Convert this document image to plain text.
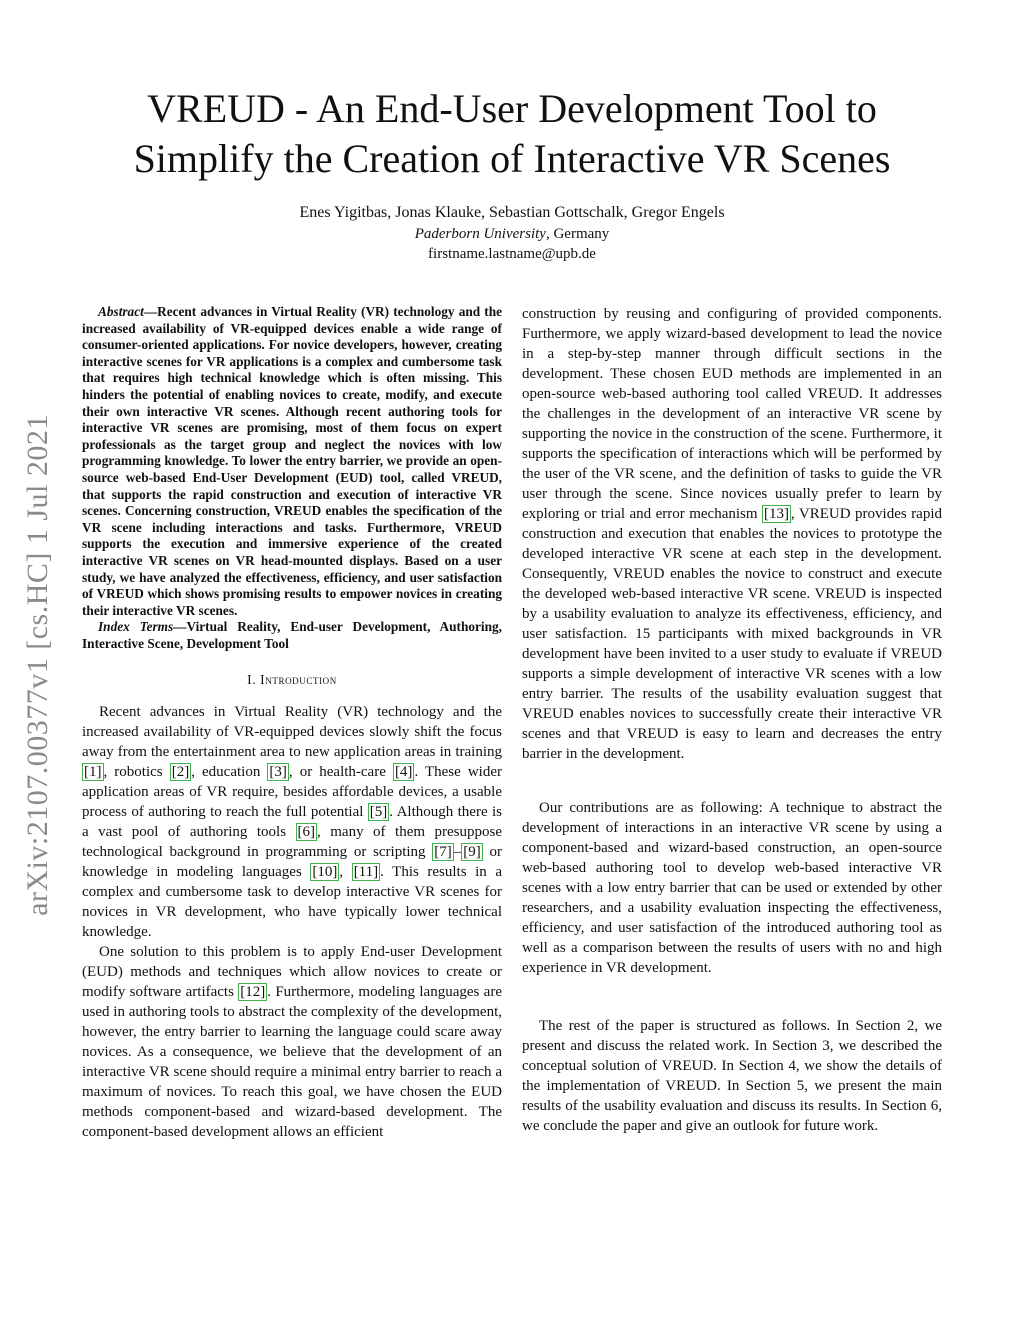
arXiv:2107.00377v1 [cs.HC] 1 Jul 2021
VREUD - An End-User Development Tool to
Simplify the Creation of Interactive VR Scenes
Enes Yigitbas, Jonas Klauke, Sebastian Gottschalk, Gregor Engels
Paderborn University, Germany
firstname.lastname@upb.de

Abstract—Recent advances in Virtual Reality (VR) technology and the increased availability of VR-equipped devices enable a wide range of consumer-oriented applications. For novice developers, however, creating interactive scenes for VR applications is a complex and cumbersome task that requires high technical knowledge which is often missing. This hinders the potential of enabling novices to create, modify, and execute their own interactive VR scenes. Although recent authoring tools for interactive VR scenes are promising, most of them focus on expert professionals as the target group and neglect the novices with low programming knowledge. To lower the entry barrier, we provide an open-source web-based End-User Development (EUD) tool, called VREUD, that supports the rapid construction and execution of interactive VR scenes. Concerning construction, VREUD enables the specification of the VR scene including interactions and tasks. Furthermore, VREUD supports the execution and immersive experience of the created interactive VR scenes on VR head-mounted displays. Based on a user study, we have analyzed the effectiveness, efficiency, and user satisfaction of VREUD which shows promising results to empower novices in creating their interactive VR scenes.

Index Terms—Virtual Reality, End-user Development, Authoring, Interactive Scene, Development Tool

I. Introduction

Recent advances in Virtual Reality (VR) technology and the increased availability of VR-equipped devices slowly shift the focus away from the entertainment area to new application areas in training [1] , robotics [2] , education [3] , or health-care [4] . These wider application areas of VR require, besides affordable devices, a usable process of authoring to reach the full potential [5] . Although there is a vast pool of authoring tools [6] , many of them presuppose technological background in programming or scripting [7] – [9] or knowledge in modeling languages [10] , [11] . This results in a complex and cumbersome task to develop interactive VR scenes for novices in VR development, who have typically lower technical knowledge.

One solution to this problem is to apply End-user Development (EUD) methods and techniques which allow novices to create or modify software artifacts [12] . Furthermore, modeling languages are used in authoring tools to abstract the complexity of the development, however, the entry barrier to learning the language could scare away novices. As a consequence, we believe that the development of an interactive VR scene should require a minimal entry barrier to reach a maximum of novices. To reach this goal, we have chosen the EUD methods component-based and wizard-based development. The component-based development allows an efficient

construction by reusing and configuring of provided components. Furthermore, we apply wizard-based development to lead the novice in a step-by-step manner through difficult sections in the development. These chosen EUD methods are implemented in an open-source web-based authoring tool called VREUD. It addresses the challenges in the development of an interactive VR scene by supporting the novice in the construction of the scene. Furthermore, it supports the specification of interactions which will be performed by the user of the VR scene, and the definition of tasks to guide the VR user through the scene. Since novices usually prefer to learn by exploring or trial and error mechanism [13] , VREUD provides rapid construction and execution that enables the novices to prototype the developed interactive VR scene at each step in the development. Consequently, VREUD enables the novice to construct and execute the developed web-based interactive VR scene. VREUD is inspected by a usability evaluation to analyze its effectiveness, efficiency, and user satisfaction. 15 participants with mixed backgrounds in VR development have been invited to a user study to evaluate if VREUD supports a simple development of interactive VR scenes with a low entry barrier. The results of the usability evaluation suggest that VREUD enables novices to successfully create their interactive VR scenes and that VREUD is easy to learn and decreases the entry barrier in the development.

Our contributions are as following: A technique to abstract the development of interactions in an interactive VR scene by using a component-based and wizard-based construction, an open-source web-based authoring tool to develop web-based interactive VR scenes with a low entry barrier that can be used or extended by other researchers, and a usability evaluation inspecting the effectiveness, efficiency, and user satisfaction of the introduced authoring tool as well as a comparison between the results of users with no and high experience in VR development.

The rest of the paper is structured as follows. In Section 2, we present and discuss the related work. In Section 3, we described the conceptual solution of VREUD. In Section 4, we show the details of the implementation of VREUD. In Section 5, we present the main results of the usability evaluation and discuss its results. In Section 6, we conclude the paper and give an outlook for future work.
